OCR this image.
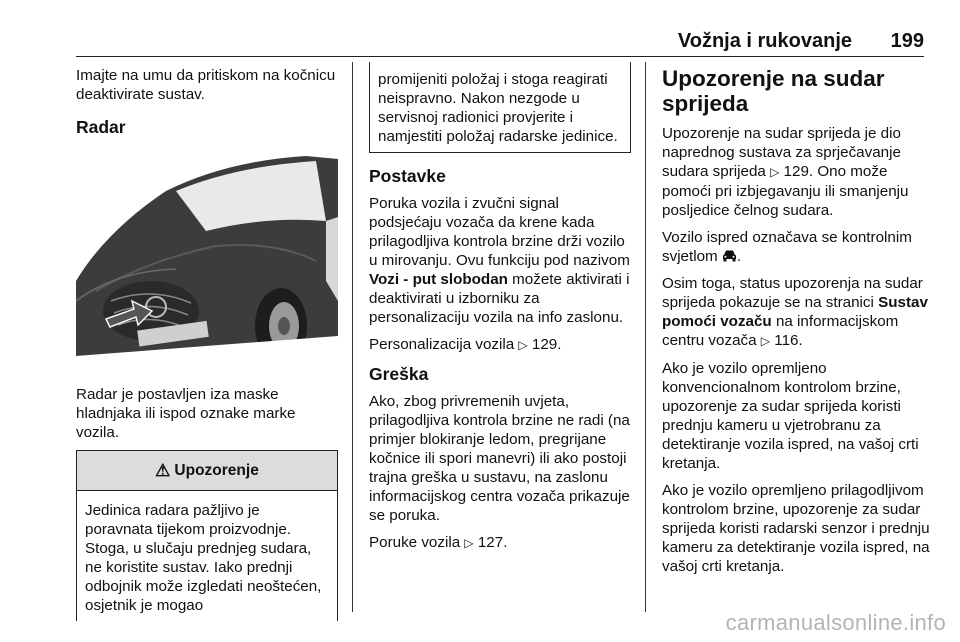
Vožnja i rukovanje 199

Imajte na umu da pritiskom na kočnicu deaktivirate sustav.

Radar

Radar je postavljen iza maske hladnjaka ili ispod oznake marke vozila.

⚠ Upozorenje
Jedinica radara pažljivo je poravnata tijekom proizvodnje. Stoga, u slučaju prednjeg sudara, ne koristite sustav. Iako prednji odbojnik može izgledati neoštećen, osjetnik je mogao
promijeniti položaj i stoga reagirati neispravno. Nakon nezgode u servisnoj radionici provjerite i namjestiti položaj radarske jedinice.
Postavke

Poruka vozila i zvučni signal podsjećaju vozača da krene kada prilagodljiva kontrola brzine drži vozilo u mirovanju. Ovu funkciju pod nazivom Vozi - put slobodan možete aktivirati i deaktivirati u izborniku za personalizaciju vozila na info zaslonu.

Personalizacija vozila ▷ 129.

Greška

Ako, zbog privremenih uvjeta, prilagodljiva kontrola brzine ne radi (na primjer blokiranje ledom, pregrijane kočnice ili spori manevri) ili ako postoji trajna greška u sustavu, na zaslonu informacijskog centra vozača prikazuje se poruka.

Poruke vozila ▷ 127.

Upozorenje na sudar sprijeda

Upozorenje na sudar sprijeda je dio naprednog sustava za sprječavanje sudara sprijeda ▷ 129. Ono može pomoći pri izbjegavanju ili smanjenju posljedice čelnog sudara.

Vozilo ispred označava se kontrolnim svjetlom .

Osim toga, status upozorenja na sudar sprijeda pokazuje se na stranici Sustav pomoći vozaču na informacijskom centru vozača ▷ 116.

Ako je vozilo opremljeno konvencionalnom kontrolom brzine, upozorenje za sudar sprijeda koristi prednju kameru u vjetrobranu za detektiranje vozila ispred, na vašoj crti kretanja.

Ako je vozilo opremljeno prilagodljivom kontrolom brzine, upozorenje za sudar sprijeda koristi radarski senzor i prednju kameru za detektiranje vozila ispred, na vašoj crti kretanja.

carmanualsonline.info
